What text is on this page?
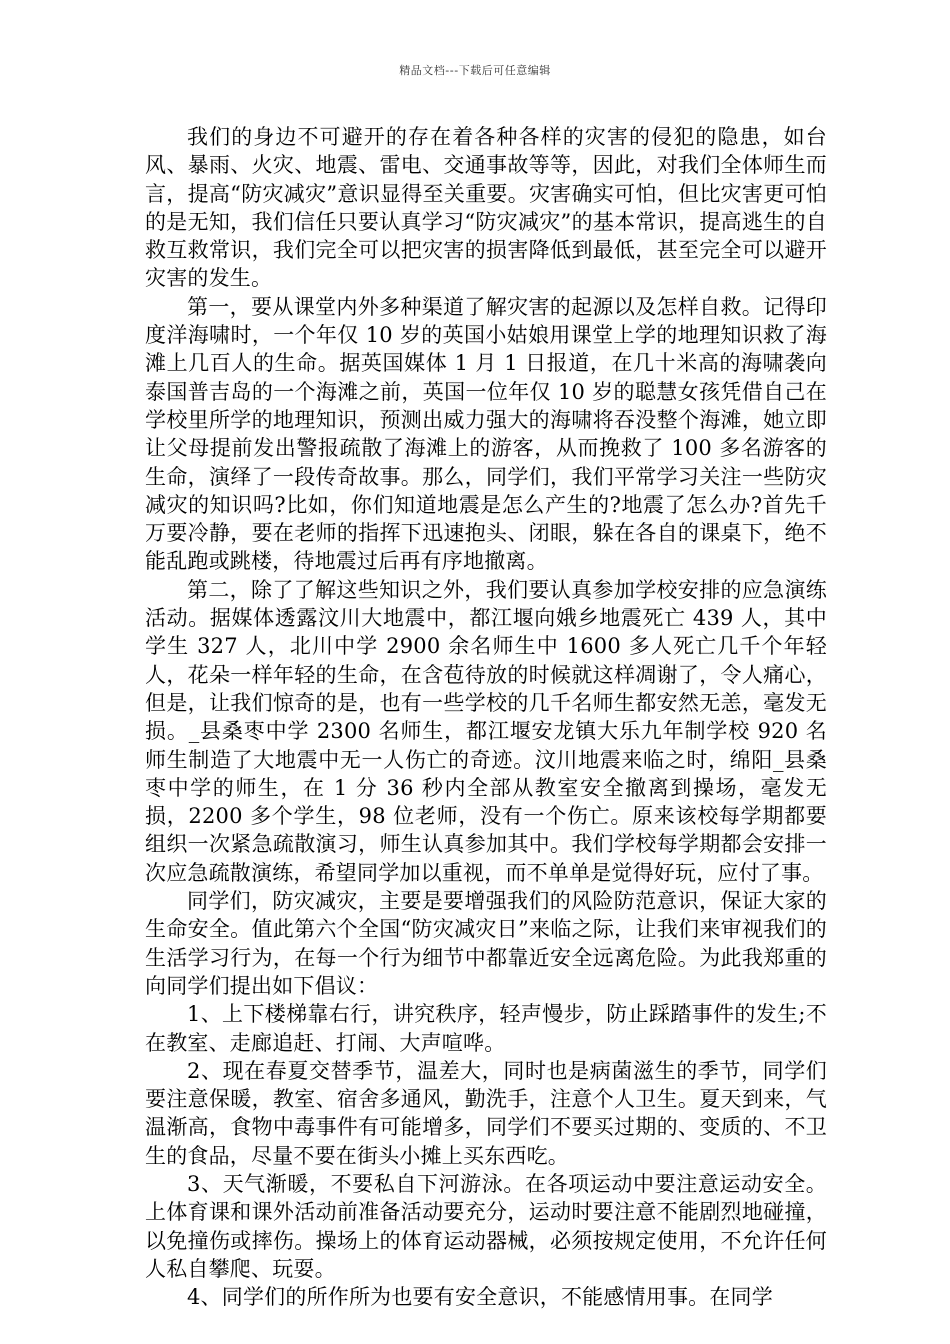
精品文档---下载后可任意编辑

我们的身边不可避开的存在着各种各样的灾害的侵犯的隐患，如台风、暴雨、火灾、地震、雷电、交通事故等等，因此，对我们全体师生而言，提高“防灾减灾”意识显得至关重要。灾害确实可怕，但比灾害更可怕的是无知，我们信任只要认真学习“防灾减灾”的基本常识，提高逃生的自救互救常识，我们完全可以把灾害的损害降低到最低，甚至完全可以避开灾害的发生。

第一，要从课堂内外多种渠道了解灾害的起源以及怎样自救。记得印度洋海啸时，一个年仅 10 岁的英国小姑娘用课堂上学的地理知识救了海滩上几百人的生命。据英国媒体 1 月 1 日报道，在几十米高的海啸袭向泰国普吉岛的一个海滩之前，英国一位年仅 10 岁的聪慧女孩凭借自己在学校里所学的地理知识，预测出威力强大的海啸将吞没整个海滩，她立即让父母提前发出警报疏散了海滩上的游客，从而挽救了 100 多名游客的生命，演绎了一段传奇故事。那么，同学们，我们平常学习关注一些防灾减灾的知识吗?比如，你们知道地震是怎么产生的?地震了怎么办?首先千万要冷静，要在老师的指挥下迅速抱头、闭眼，躲在各自的课桌下，绝不能乱跑或跳楼，待地震过后再有序地撤离。

第二，除了了解这些知识之外，我们要认真参加学校安排的应急演练活动。据媒体透露汶川大地震中，都江堰向娥乡地震死亡 439 人，其中学生 327 人，北川中学 2900 余名师生中 1600 多人死亡几千个年轻人，花朵一样年轻的生命，在含苞待放的时候就这样凋谢了，令人痛心，但是，让我们惊奇的是，也有一些学校的几千名师生都安然无恙，毫发无损。_县桑枣中学 2300 名师生，都江堰安龙镇大乐九年制学校 920 名师生制造了大地震中无一人伤亡的奇迹。汶川地震来临之时，绵阳_县桑枣中学的师生，在 1 分 36 秒内全部从教室安全撤离到操场，毫发无损，2200 多个学生，98 位老师，没有一个伤亡。原来该校每学期都要组织一次紧急疏散演习，师生认真参加其中。我们学校每学期都会安排一次应急疏散演练，希望同学加以重视，而不单单是觉得好玩，应付了事。

同学们，防灾减灾，主要是要增强我们的风险防范意识，保证大家的生命安全。值此第六个全国“防灾减灾日”来临之际，让我们来审视我们的生活学习行为，在每一个行为细节中都靠近安全远离危险。为此我郑重的向同学们提出如下倡议：

1、上下楼梯靠右行，讲究秩序，轻声慢步，防止踩踏事件的发生;不在教室、走廊追赶、打闹、大声喧哗。

2、现在春夏交替季节，温差大，同时也是病菌滋生的季节，同学们要注意保暖，教室、宿舍多通风，勤洗手，注意个人卫生。夏天到来，气温渐高，食物中毒事件有可能增多，同学们不要买过期的、变质的、不卫生的食品，尽量不要在街头小摊上买东西吃。

3、天气渐暖，不要私自下河游泳。在各项运动中要注意运动安全。上体育课和课外活动前准备活动要充分，运动时要注意不能剧烈地碰撞，以免撞伤或摔伤。操场上的体育运动器械，必须按规定使用，不允许任何人私自攀爬、玩耍。

4、同学们的所作所为也要有安全意识，不能感情用事。在同学
